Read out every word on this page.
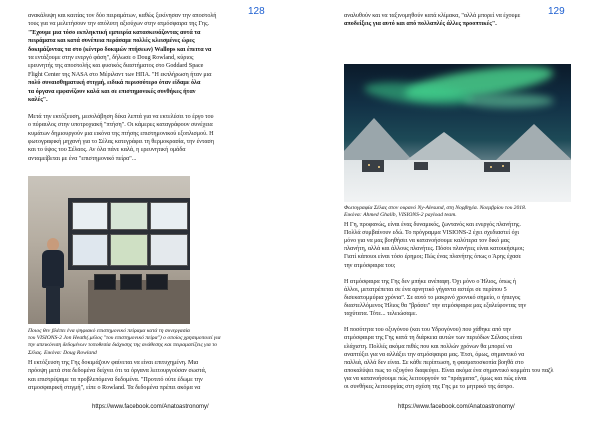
128
ανακάλυψη και καιτίας τον δύο πειραμάτων, καθώς ξεκίνησαν την αποστολή
τους για να μελετήσουν την απόλυτη αξιούχων στην ατμόσφαιρα της Γης.
"Έχουμε μια τόσο εκπληκτική εμπειρία κατασκευάζοντας αυτά τα
πειράματα και κατά συνέπεια περάσαμε πολλές κλεισμένες ώρες
δοκιμάζοντας τα στο (κέντρο δοκιμών πτήσεων) Wallops και έπειτα να
τα εντάξουμε στην ενεργό φάση", δήλωσε ο Doug Rowland, κύριος
ερευνητής της αποστολής και φυσικός διαστήματος στο Goddard Space
Flight Center της NASA στο Μέριλαντ των ΗΠΑ. "Η εκπλήρωση ήταν μια
πολύ συναισθηματική στιγμή, ειδικά περισσότερο όταν είδαμε όλα
τα όργανα εμφανίζουν καλά και σε επιστημονικές συνθήκες ήταν
καλές".
Μετά την εκτόξευση, μεσολάβηση δέκα λεπτά για να εκτελέσει το έργο του
ο πύραυλος στην υποτροχιακή "πτήση". Οι κάμερες καταγράφουν συνέχεια
κυμάτων δημιουργούν μια εικόνα της πτήσης επιστημονικού εξοπλισμού. Η
φωτογραφική μηχανή για το Σέλας κατεγράφει τη θερμοκρασία, την ένταση
και το ύψος του Σέλαος. Αν όλα πάνε καλά, η ερευνητική ομάδα
ανταμείβεται με ένα "επιστημονικό πείρα"...
Ποιος θεν βλέπει ένα ψηφιακό επιστημονικό πείραμα κατά τη συνεργασία
του VISIONS-2 Jon Heath(.μέλος "του επιστημονικό πείρα") ο οποίος χρησιμοποιεί για
την απεικόνιση δεδομένων τοποθεσία διάχυσης της ανάθεσης και πειραματίζεις για το
Σέλας. Εικόνα: Doug Rowland
Η εκτόξευση της Γης δοκιμάζουν φαίνεται να είναι επιτυχημένη. Μια
πρόοψη μετά στα δεδομένα δείχνει ότι τα όργανα λειτουργούσαν σωστά,
και επιστρέψαμε τα προβλεπόμενα δεδομένα. "Προτιτό ούτε έδωμε την
ατμοσφαιρική στιγμή", είπε ο Rowland. Τα δεδομένα πρέπει ακόμα να
https://www.facebook.com/Anatoastronomy/
129
αναλυθούν και να ταξινομηθούν κατά κλίμακα, "αλλά μπορεί να έχουμε
αποδείξεις για αυτό και από πολλαπλές άλλες προοπτικές".
Φωτογραφία Σέλας στον ουρανό Ny-Alesund, στη Νορβηγία. Νοεμβρίου του 2018.
Εικόνα: Ahmed Ghalib, VISIONS-2 payload team.
Η Γη, προφανώς, είναι ένας δυναμικός, ζωντανός και ενεργός πλανήτης.
Πολλά συμβαίνουν εδώ. Το πρόγραμμα VISIONS-2 έχει σχεδιαστεί όχι
μόνο για να μας βοηθήσει να κατανοήσουμε καλύτερα τον δικό μας
πλανήτη, αλλά και άλλους πλανήτες. Πόσοι πλανήτες είναι κατοικήσιμοι;
Γιατί κάποιοι είναι τόσο έρημοι; Πώς ένας πλανήτης όπως ο Άρης έχασε
την ατμόσφαιρα του;
Η ατμόσφαιρα της Γης δεν μπήκε ανέπαφη. Όχι μόνο ο Ήλιος, όπως ή
άλλοι, μετατρέπεται σε ένα αρνητικό γήγαντα αστέρι σε περίπου 5
δισεκατομμύρια χρόνια". Σε αυτό το μακρινό χρονικό σημείο, ο ήπιεγος
διαστελλόμενος Ήλιος θα "βράσει" την ατμόσφαιρα μας εξαλείφοντας την
ταχύτατα. Τότε... τελειώσαμε.
Η ποσότητα του οξυγόνου (και του Υδρογόνου) που χάθηκε από την
ατμόσφαιρα της Γης κατά τη διάρκεια αυτών των περιόδων Σέλαος είναι
ελάχιστη. Πολλές ακόμα πιθές που και πολλών χρόνων θα μπορεί να
αναπτύξει για να αλλάξει την ατμόσφαιρα μας. Έτσι, όμως, σημαντικό να
παλλιά, αλλά δεν είναι. Σε κάθε περίπτωση, η φασματοσκοπία βοηθά στο
αποκαλύψει πως το οξυγόνο διαφεύγει. Είναι ακόμα ένα σημαντικό κομμάτι του παζλ
για να κατανοήσουμε πώς λειτουργούν τα "πράγματα", όμως και πώς είναι
οι συνθήκες λειτουργίας στη σχέση της Γης με το μητρικό της άστρο.
https://www.facebook.com/Anatoastronomy/
